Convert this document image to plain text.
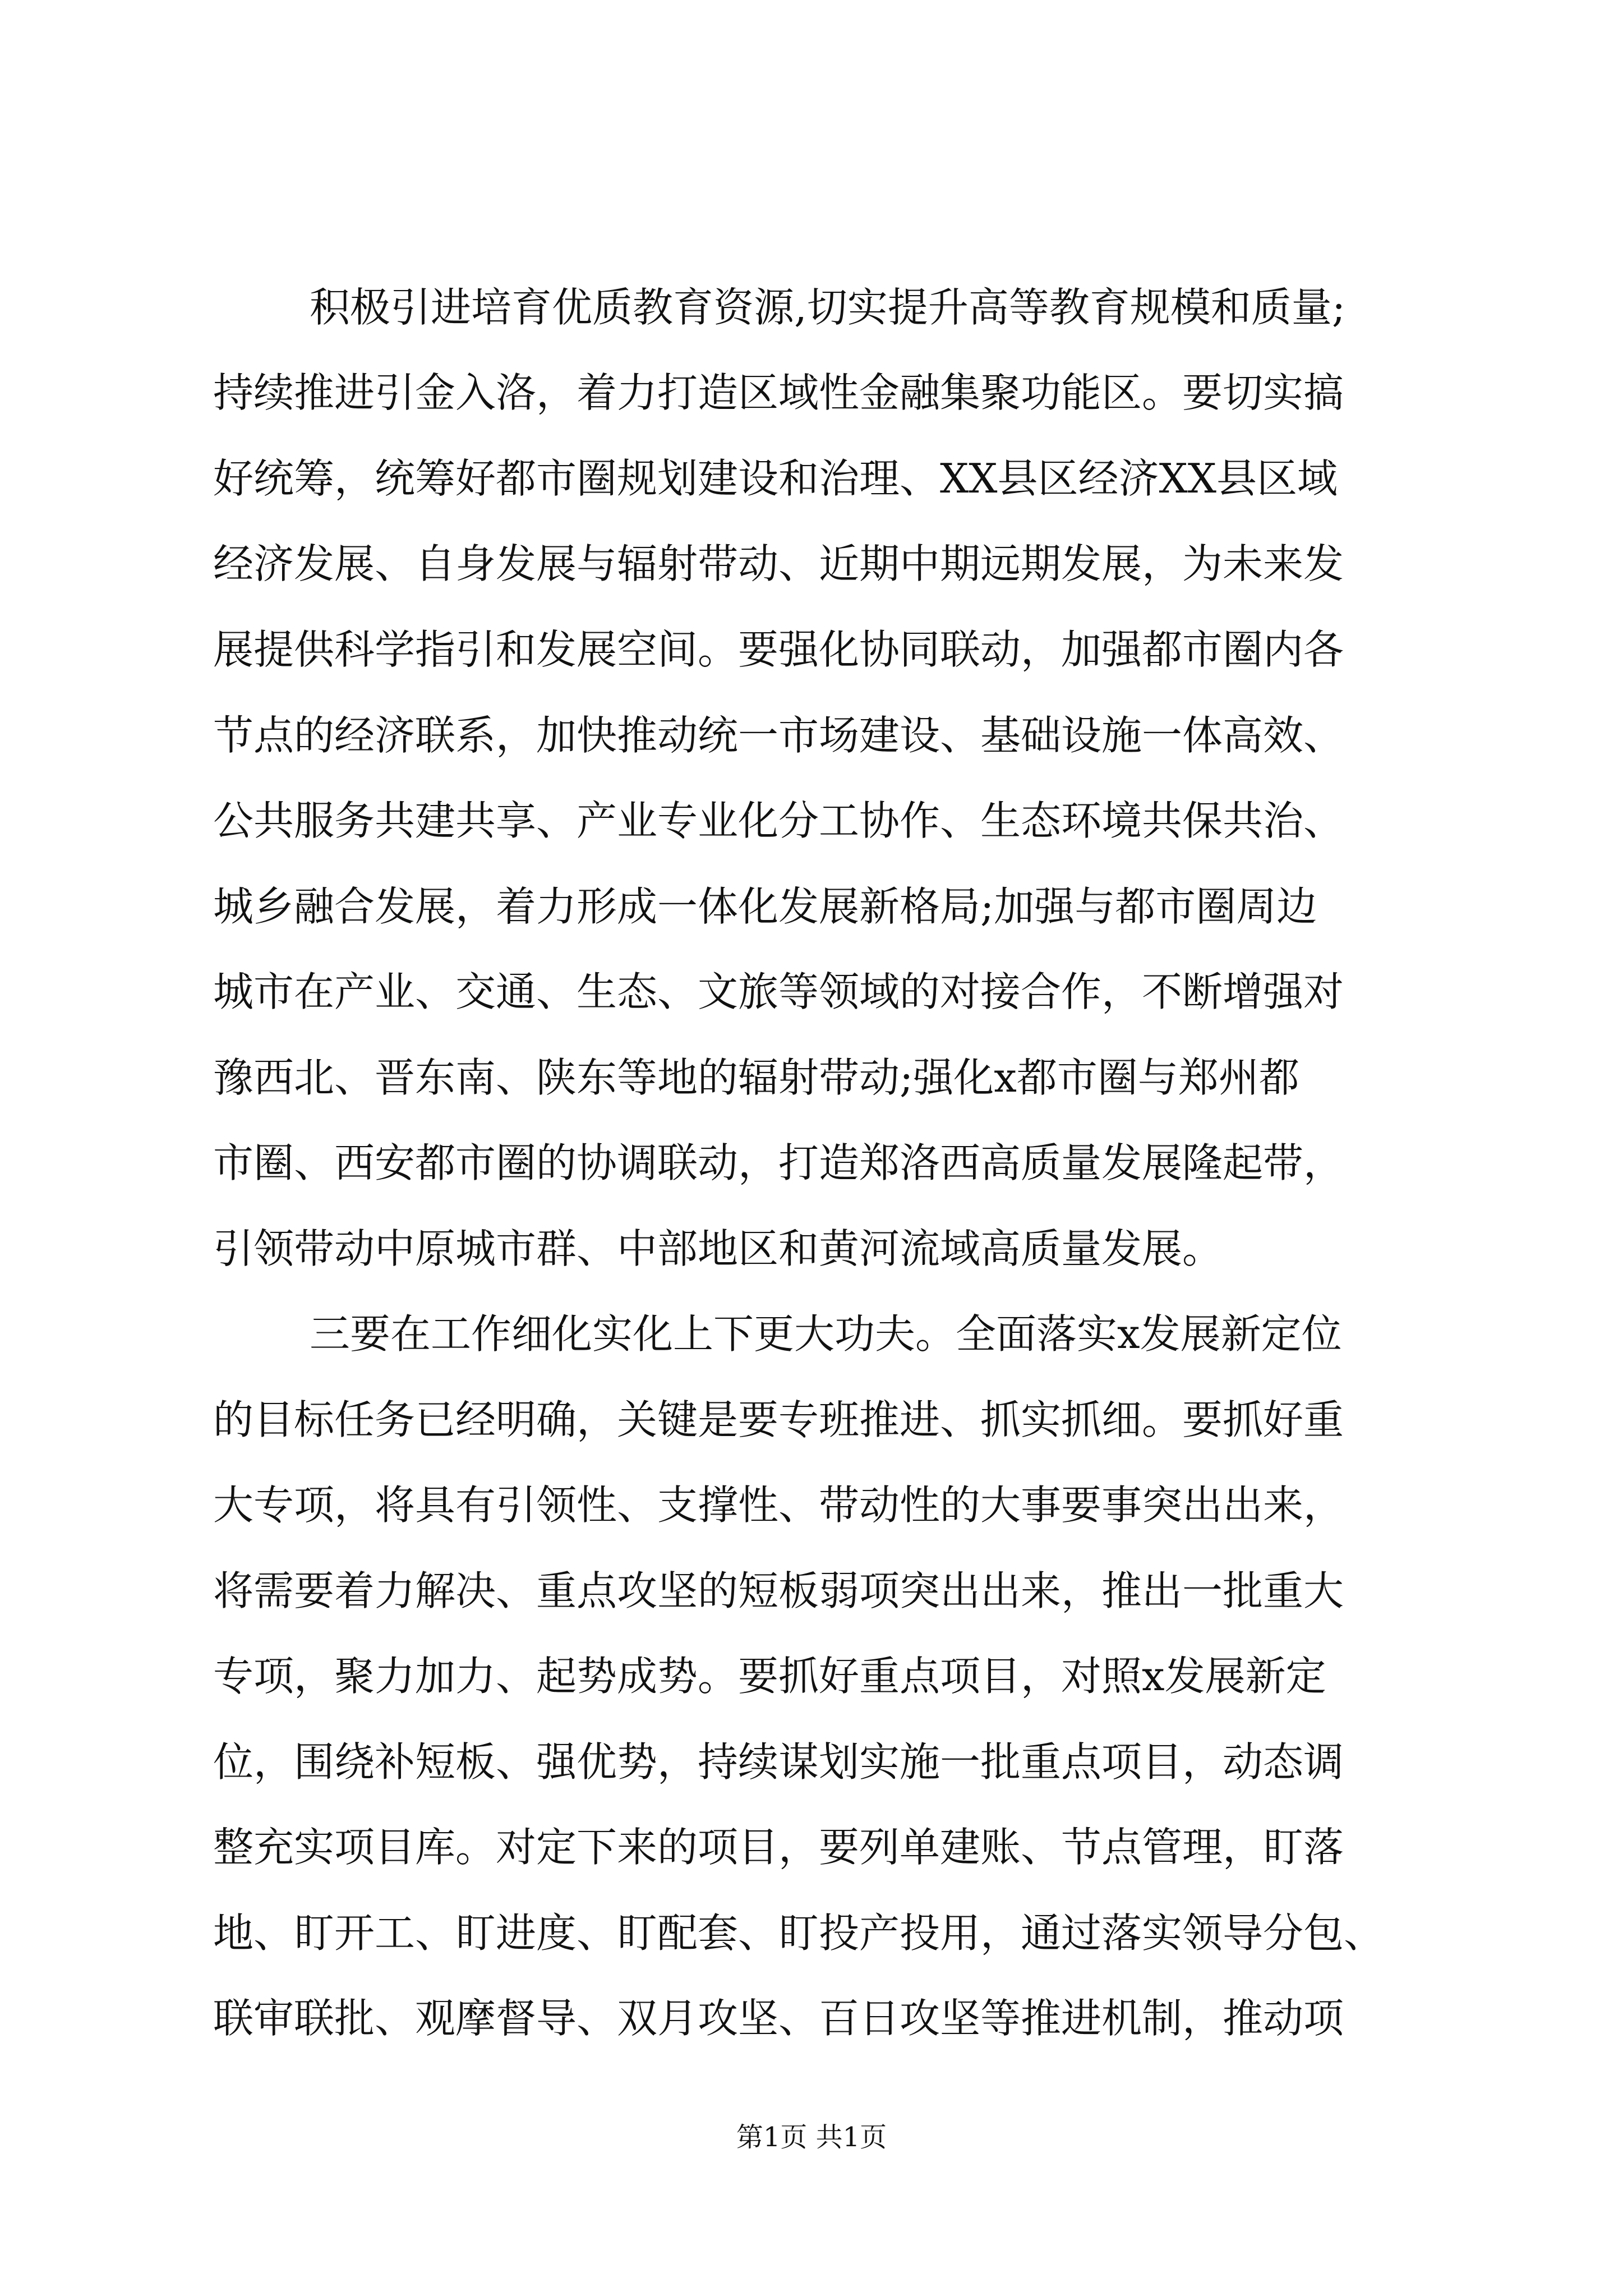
积极引进培育优质教育资源,切实提升高等教育规模和质量;
持续推进引金入洛，着力打造区域性金融集聚功能区。要切实搞
好统筹，统筹好都市圈规划建设和治理、XX县区经济XX县区域
经济发展、自身发展与辐射带动、近期中期远期发展，为未来发
展提供科学指引和发展空间。要强化协同联动，加强都市圈内各
节点的经济联系，加快推动统一市场建设、基础设施一体高效、
公共服务共建共享、产业专业化分工协作、生态环境共保共治、
城乡融合发展，着力形成一体化发展新格局;加强与都市圈周边
城市在产业、交通、生态、文旅等领域的对接合作，不断增强对
豫西北、晋东南、陕东等地的辐射带动;强化x都市圈与郑州都
市圈、西安都市圈的协调联动，打造郑洛西高质量发展隆起带，
引领带动中原城市群、中部地区和黄河流域高质量发展。
三要在工作细化实化上下更大功夫。全面落实x发展新定位
的目标任务已经明确，关键是要专班推进、抓实抓细。要抓好重
大专项，将具有引领性、支撑性、带动性的大事要事突出出来，
将需要着力解决、重点攻坚的短板弱项突出出来，推出一批重大
专项，聚力加力、起势成势。要抓好重点项目，对照x发展新定
位，围绕补短板、强优势，持续谋划实施一批重点项目，动态调
整充实项目库。对定下来的项目，要列单建账、节点管理，盯落
地、盯开工、盯进度、盯配套、盯投产投用，通过落实领导分包、
联审联批、观摩督导、双月攻坚、百日攻坚等推进机制，推动项
第1页 共1页
